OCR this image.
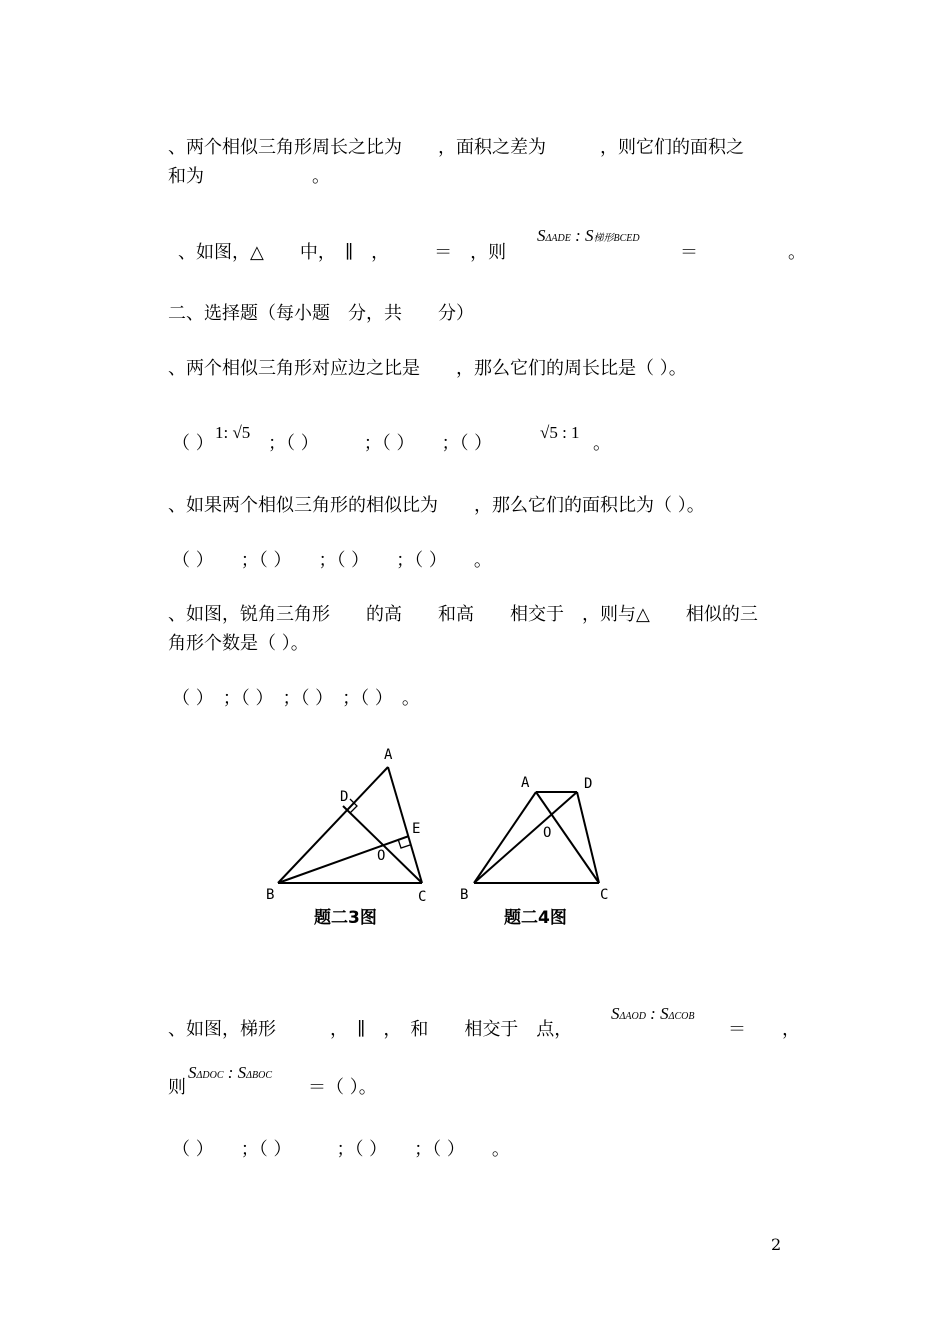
、两个相似三角形周长之比为　　，面积之差为　　　，则它们的面积之
和为　　　　　　。
、如图，△　　中，　∥　，　　　＝　，则
SΔADE : S梯形BCED
＝　　　　　。
二、选择题（每小题　分，共　　分）
、两个相似三角形对应边之比是　　，那么它们的周长比是（ ）。
（ ）
1: √5
；（ ）　　　；（ ）　　；（ ）
√5 : 1
。
、如果两个相似三角形的相似比为　　，那么它们的面积比为（ ）。
（ ）　　；（ ）　　；（ ）　　；（ ）　　。
、如图，锐角三角形　　的高　　和高　　相交于　，则与△　　相似的三
角形个数是（ ）。
（ ）　；（ ）　；（ ）　；（ ）　。
A
D
E
O
B	C
题二3图
A	D
O
B	C
题二4图
、如图，梯形　　　，　∥　，　和　　相交于　点，
SΔAOD : SΔCOB
＝　　，
则
SΔDOC : SΔBOC
＝（ ）。
（ ）　　；（ ）　　　；（ ）　　；（ ）　　。
2
